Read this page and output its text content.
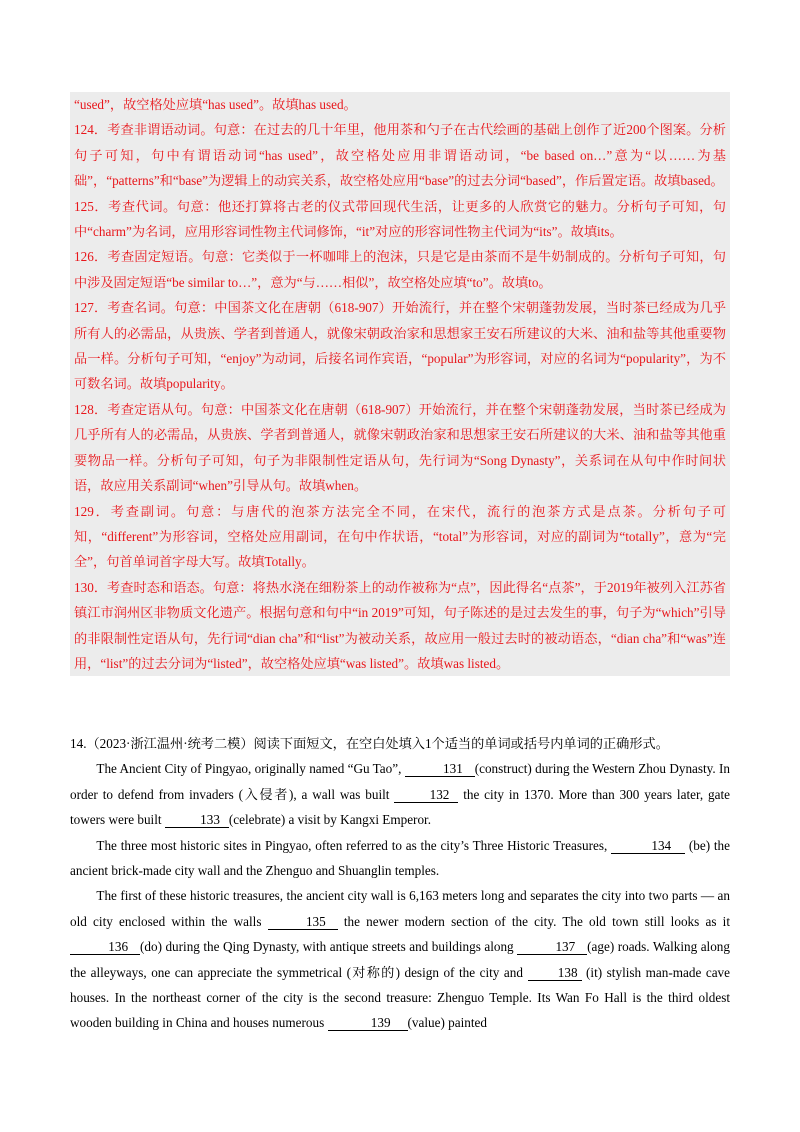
“used”，故空格处应填“has used”。故填has used。

124．考查非谓语动词。句意：在过去的几十年里，他用茶和勺子在古代绘画的基础上创作了近200个图案。分析句子可知，句中有谓语动词“has used”，故空格处应用非谓语动词，“be based on…”意为“以……为基础”，“patterns”和“base”为逻辑上的动宾关系，故空格处应用“base”的过去分词“based”，作后置定语。故填based。

125．考查代词。句意：他还打算将古老的仪式带回现代生活，让更多的人欣赏它的魅力。分析句子可知，句中“charm”为名词，应用形容词性物主代词修饰，“it”对应的形容词性物主代词为“its”。故填its。

126．考查固定短语。句意：它类似于一杯咖啡上的泡沫，只是它是由茶而不是牛奶制成的。分析句子可知，句中涉及固定短语“be similar to…”，意为“与……相似”，故空格处应填“to”。故填to。

127．考查名词。句意：中国茶文化在唐朝（618-907）开始流行，并在整个宋朝蓬勃发展，当时茶已经成为几乎所有人的必需品，从贵族、学者到普通人，就像宋朝政治家和思想家王安石所建议的大米、油和盐等其他重要物品一样。分析句子可知，“enjoy”为动词，后接名词作宾语，“popular”为形容词，对应的名词为“popularity”，为不可数名词。故填popularity。

128．考查定语从句。句意：中国茶文化在唐朝（618-907）开始流行，并在整个宋朝蓬勃发展，当时茶已经成为几乎所有人的必需品，从贵族、学者到普通人，就像宋朝政治家和思想家王安石所建议的大米、油和盐等其他重要物品一样。分析句子可知，句子为非限制性定语从句，先行词为“Song Dynasty”，关系词在从句中作时间状语，故应用关系副词“when”引导从句。故填when。

129．考查副词。句意：与唐代的泡茶方法完全不同，在宋代，流行的泡茶方式是点茶。分析句子可知，“different”为形容词，空格处应用副词，在句中作状语，“total”为形容词，对应的副词为“totally”，意为“完全”，句首单词首字母大写。故填Totally。

130．考查时态和语态。句意：将热水浇在细粉茶上的动作被称为“点”，因此得名“点茶”，于2019年被列入江苏省镇江市润州区非物质文化遗产。根据句意和句中“in 2019”可知，句子陈述的是过去发生的事，句子为“which”引导的非限制性定语从句，先行词“dian cha”和“list”为被动关系，故应用一般过去时的被动语态，“dian cha”和“was”连用，“list”的过去分词为“listed”，故空格处应填“was listed”。故填was listed。

14.（2023·浙江温州·统考二模）阅读下面短文，在空白处填入1个适当的单词或括号内单词的正确形式。

The Ancient City of Pingyao, originally named “Gu Tao”,	131 (construct) during the Western Zhou Dynasty. In order to defend from invaders (入侵者), a wall was built	132 the city in 1370. More than 300 years later, gate towers were built	133 (celebrate) a visit by Kangxi Emperor.

The three most historic sites in Pingyao, often referred to as the city’s Three Historic Treasures,	134 (be) the ancient brick-made city wall and the Zhenguo and Shuanglin temples.

The first of these historic treasures, the ancient city wall is 6,163 meters long and separates the city into two parts — an old city enclosed within the walls	135 the newer modern section of the city. The old town still looks as it 136 (do) during the Qing Dynasty, with antique streets and buildings along	137 (age) roads. Walking along the alleyways, one can appreciate the symmetrical (对称的) design of the city and 138 (it) stylish man-made cave houses. In the northeast corner of the city is the second treasure: Zhenguo Temple. Its Wan Fo Hall is the third oldest wooden building in China and houses numerous	139 (value) painted
